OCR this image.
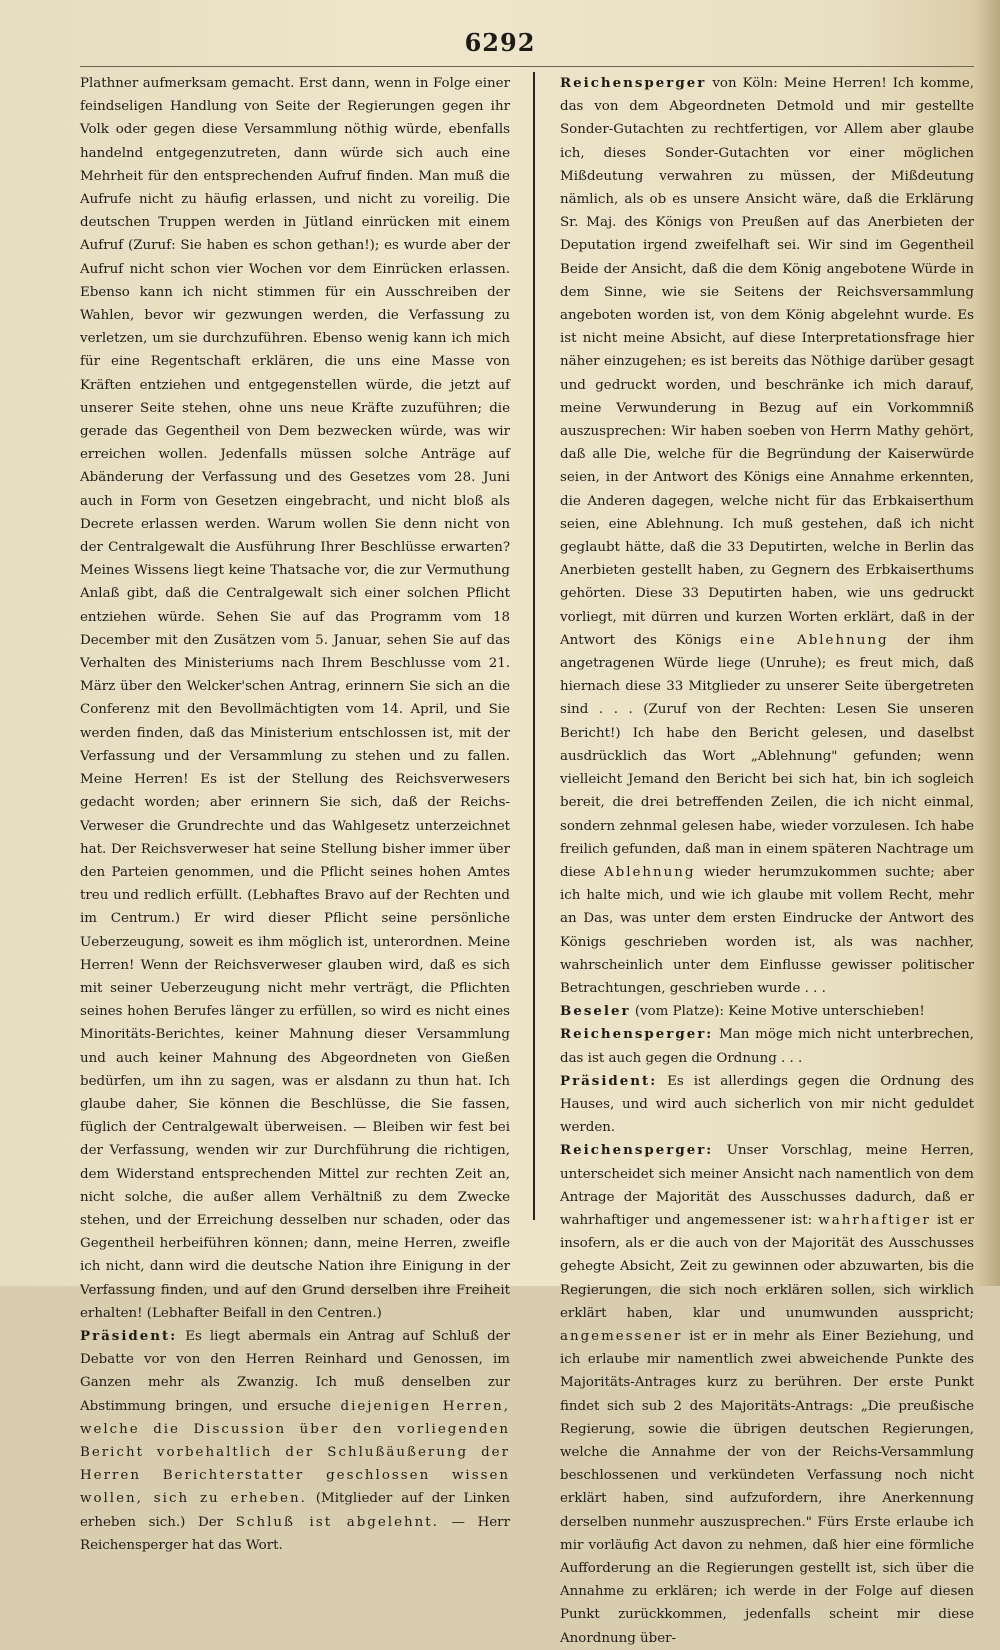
6292

Plathner aufmerksam gemacht. Erst dann, wenn in Folge einer feindseligen Handlung von Seite der Regierungen gegen ihr Volk oder gegen diese Versammlung nöthig würde, ebenfalls handelnd entgegenzutreten, dann würde sich auch eine Mehrheit für den entsprechenden Aufruf finden. Man muß die Aufrufe nicht zu häufig erlassen, und nicht zu voreilig. Die deutschen Truppen werden in Jütland einrücken mit einem Aufruf (Zuruf: Sie haben es schon gethan!); es wurde aber der Aufruf nicht schon vier Wochen vor dem Einrücken erlassen. Ebenso kann ich nicht stimmen für ein Ausschreiben der Wahlen, bevor wir gezwungen werden, die Verfassung zu verletzen, um sie durchzuführen. Ebenso wenig kann ich mich für eine Regentschaft erklären, die uns eine Masse von Kräften entziehen und entgegenstellen würde, die jetzt auf unserer Seite stehen, ohne uns neue Kräfte zuzuführen; die gerade das Gegentheil von Dem bezwecken würde, was wir erreichen wollen. Jedenfalls müssen solche Anträge auf Abänderung der Verfassung und des Gesetzes vom 28. Juni auch in Form von Gesetzen eingebracht, und nicht bloß als Decrete erlassen werden. Warum wollen Sie denn nicht von der Centralgewalt die Ausführung Ihrer Beschlüsse erwarten? Meines Wissens liegt keine Thatsache vor, die zur Vermuthung Anlaß gibt, daß die Centralgewalt sich einer solchen Pflicht entziehen würde. Sehen Sie auf das Programm vom 18 December mit den Zusätzen vom 5. Januar, sehen Sie auf das Verhalten des Ministeriums nach Ihrem Beschlusse vom 21. März über den Welcker'schen Antrag, erinnern Sie sich an die Conferenz mit den Bevollmächtigten vom 14. April, und Sie werden finden, daß das Ministerium entschlossen ist, mit der Verfassung und der Versammlung zu stehen und zu fallen. Meine Herren! Es ist der Stellung des Reichsverwesers gedacht worden; aber erinnern Sie sich, daß der Reichs-Verweser die Grundrechte und das Wahlgesetz unterzeichnet hat. Der Reichsverweser hat seine Stellung bisher immer über den Parteien genommen, und die Pflicht seines hohen Amtes treu und redlich erfüllt. (Lebhaftes Bravo auf der Rechten und im Centrum.) Er wird dieser Pflicht seine persönliche Ueberzeugung, soweit es ihm möglich ist, unterordnen. Meine Herren! Wenn der Reichsverweser glauben wird, daß es sich mit seiner Ueberzeugung nicht mehr verträgt, die Pflichten seines hohen Berufes länger zu erfüllen, so wird es nicht eines Minoritäts-Berichtes, keiner Mahnung dieser Versammlung und auch keiner Mahnung des Abgeordneten von Gießen bedürfen, um ihn zu sagen, was er alsdann zu thun hat. Ich glaube daher, Sie können die Beschlüsse, die Sie fassen, füglich der Centralgewalt überweisen. — Bleiben wir fest bei der Verfassung, wenden wir zur Durchführung die richtigen, dem Widerstand entsprechenden Mittel zur rechten Zeit an, nicht solche, die außer allem Verhältniß zu dem Zwecke stehen, und der Erreichung desselben nur schaden, oder das Gegentheil herbeiführen können; dann, meine Herren, zweifle ich nicht, dann wird die deutsche Nation ihre Einigung in der Verfassung finden, und auf den Grund derselben ihre Freiheit erhalten! (Lebhafter Beifall in den Centren.)

Präsident: Es liegt abermals ein Antrag auf Schluß der Debatte vor von den Herren Reinhard und Genossen, im Ganzen mehr als Zwanzig. Ich muß denselben zur Abstimmung bringen, und ersuche diejenigen Herren, welche die Discussion über den vorliegenden Bericht vorbehaltlich der Schlußäußerung der Herren Berichterstatter geschlossen wissen wollen, sich zu erheben. (Mitglieder auf der Linken erheben sich.) Der Schluß ist abgelehnt. — Herr Reichensperger hat das Wort.

Reichensperger von Köln: Meine Herren! Ich komme, das von dem Abgeordneten Detmold und mir gestellte Sonder-Gutachten zu rechtfertigen, vor Allem aber glaube ich, dieses Sonder-Gutachten vor einer möglichen Mißdeutung verwahren zu müssen, der Mißdeutung nämlich, als ob es unsere Ansicht wäre, daß die Erklärung Sr. Maj. des Königs von Preußen auf das Anerbieten der Deputation irgend zweifelhaft sei. Wir sind im Gegentheil Beide der Ansicht, daß die dem König angebotene Würde in dem Sinne, wie sie Seitens der Reichsversammlung angeboten worden ist, von dem König abgelehnt wurde. Es ist nicht meine Absicht, auf diese Interpretationsfrage hier näher einzugehen; es ist bereits das Nöthige darüber gesagt und gedruckt worden, und beschränke ich mich darauf, meine Verwunderung in Bezug auf ein Vorkommniß auszusprechen: Wir haben soeben von Herrn Mathy gehört, daß alle Die, welche für die Begründung der Kaiserwürde seien, in der Antwort des Königs eine Annahme erkennten, die Anderen dagegen, welche nicht für das Erbkaiserthum seien, eine Ablehnung. Ich muß gestehen, daß ich nicht geglaubt hätte, daß die 33 Deputirten, welche in Berlin das Anerbieten gestellt haben, zu Gegnern des Erbkaiserthums gehörten. Diese 33 Deputirten haben, wie uns gedruckt vorliegt, mit dürren und kurzen Worten erklärt, daß in der Antwort des Königs eine Ablehnung der ihm angetragenen Würde liege (Unruhe); es freut mich, daß hiernach diese 33 Mitglieder zu unserer Seite übergetreten sind . . . (Zuruf von der Rechten: Lesen Sie unseren Bericht!) Ich habe den Bericht gelesen, und daselbst ausdrücklich das Wort „Ablehnung" gefunden; wenn vielleicht Jemand den Bericht bei sich hat, bin ich sogleich bereit, die drei betreffenden Zeilen, die ich nicht einmal, sondern zehnmal gelesen habe, wieder vorzulesen. Ich habe freilich gefunden, daß man in einem späteren Nachtrage um diese Ablehnung wieder herumzukommen suchte; aber ich halte mich, und wie ich glaube mit vollem Recht, mehr an Das, was unter dem ersten Eindrucke der Antwort des Königs geschrieben worden ist, als was nachher, wahrscheinlich unter dem Einflusse gewisser politischer Betrachtungen, geschrieben wurde . . .

Beseler (vom Platze): Keine Motive unterschieben!

Reichensperger: Man möge mich nicht unterbrechen, das ist auch gegen die Ordnung . . .

Präsident: Es ist allerdings gegen die Ordnung des Hauses, und wird auch sicherlich von mir nicht geduldet werden.

Reichensperger: Unser Vorschlag, meine Herren, unterscheidet sich meiner Ansicht nach namentlich von dem Antrage der Majorität des Ausschusses dadurch, daß er wahrhaftiger und angemessener ist: wahrhaftiger ist er insofern, als er die auch von der Majorität des Ausschusses gehegte Absicht, Zeit zu gewinnen oder abzuwarten, bis die Regierungen, die sich noch erklären sollen, sich wirklich erklärt haben, klar und unumwunden ausspricht; angemessener ist er in mehr als Einer Beziehung, und ich erlaube mir namentlich zwei abweichende Punkte des Majoritäts-Antrages kurz zu berühren. Der erste Punkt findet sich sub 2 des Majoritäts-Antrags: „Die preußische Regierung, sowie die übrigen deutschen Regierungen, welche die Annahme der von der Reichs-Versammlung beschlossenen und verkündeten Verfassung noch nicht erklärt haben, sind aufzufordern, ihre Anerkennung derselben nunmehr auszusprechen." Fürs Erste erlaube ich mir vorläufig Act davon zu nehmen, daß hier eine förmliche Aufforderung an die Regierungen gestellt ist, sich über die Annahme zu erklären; ich werde in der Folge auf diesen Punkt zurückkommen, jedenfalls scheint mir diese Anordnung über-
